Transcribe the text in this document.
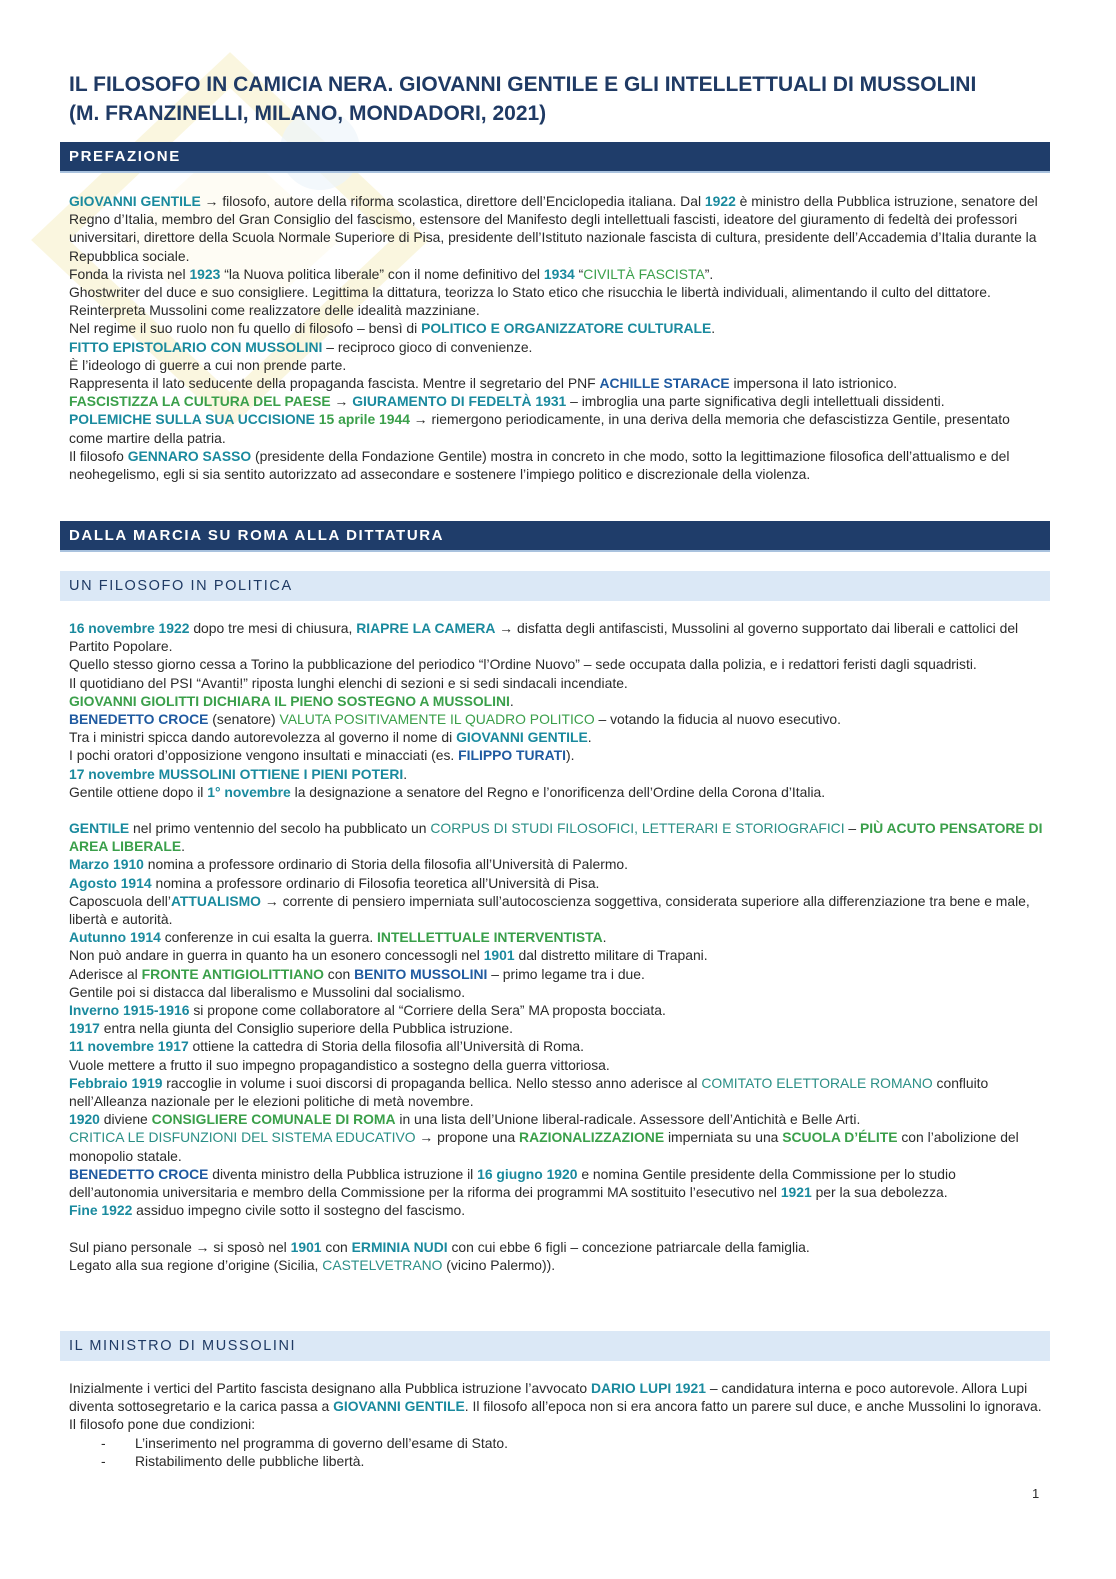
IL FILOSOFO IN CAMICIA NERA. GIOVANNI GENTILE E GLI INTELLETTUALI DI MUSSOLINI
(M. FRANZINELLI, MILANO, MONDADORI, 2021)
PREFAZIONE

GIOVANNI GENTILE → filosofo, autore della riforma scolastica, direttore dell’Enciclopedia italiana. Dal 1922 è ministro della Pubblica istruzione, senatore del Regno d’Italia, membro del Gran Consiglio del fascismo, estensore del Manifesto degli intellettuali fascisti, ideatore del giuramento di fedeltà dei professori universitari, direttore della Scuola Normale Superiore di Pisa, presidente dell’Istituto nazionale fascista di cultura, presidente dell’Accademia d’Italia durante la Repubblica sociale.

Fonda la rivista nel 1923 “la Nuova politica liberale” con il nome definitivo del 1934 “CIVILTÀ FASCISTA”.

Ghostwriter del duce e suo consigliere. Legittima la dittatura, teorizza lo Stato etico che risucchia le libertà individuali, alimentando il culto del dittatore. Reinterpreta Mussolini come realizzatore delle idealità mazziniane.

Nel regime il suo ruolo non fu quello di filosofo – bensì di POLITICO E ORGANIZZATORE CULTURALE.

FITTO EPISTOLARIO CON MUSSOLINI – reciproco gioco di convenienze.

È l’ideologo di guerre a cui non prende parte.

Rappresenta il lato seducente della propaganda fascista. Mentre il segretario del PNF ACHILLE STARACE impersona il lato istrionico.

FASCISTIZZA LA CULTURA DEL PAESE → GIURAMENTO DI FEDELTÀ 1931 – imbroglia una parte significativa degli intellettuali dissidenti.

POLEMICHE SULLA SUA UCCISIONE 15 aprile 1944 → riemergono periodicamente, in una deriva della memoria che defascistizza Gentile, presentato come martire della patria.

Il filosofo GENNARO SASSO (presidente della Fondazione Gentile) mostra in concreto in che modo, sotto la legittimazione filosofica dell’attualismo e del neohegelismo, egli si sia sentito autorizzato ad assecondare e sostenere l’impiego politico e discrezionale della violenza.

DALLA MARCIA SU ROMA ALLA DITTATURA
UN FILOSOFO IN POLITICA

16 novembre 1922 dopo tre mesi di chiusura, RIAPRE LA CAMERA → disfatta degli antifascisti, Mussolini al governo supportato dai liberali e cattolici del Partito Popolare.

Quello stesso giorno cessa a Torino la pubblicazione del periodico “l’Ordine Nuovo” – sede occupata dalla polizia, e i redattori feristi dagli squadristi.

Il quotidiano del PSI “Avanti!” riposta lunghi elenchi di sezioni e si sedi sindacali incendiate.

GIOVANNI GIOLITTI DICHIARA IL PIENO SOSTEGNO A MUSSOLINI.

BENEDETTO CROCE (senatore) VALUTA POSITIVAMENTE IL QUADRO POLITICO – votando la fiducia al nuovo esecutivo.

Tra i ministri spicca dando autorevolezza al governo il nome di GIOVANNI GENTILE.

I pochi oratori d’opposizione vengono insultati e minacciati (es. FILIPPO TURATI).

17 novembre MUSSOLINI OTTIENE I PIENI POTERI.

Gentile ottiene dopo il 1° novembre la designazione a senatore del Regno e l’onorificenza dell’Ordine della Corona d’Italia.

GENTILE nel primo ventennio del secolo ha pubblicato un CORPUS DI STUDI FILOSOFICI, LETTERARI E STORIOGRAFICI – PIÙ ACUTO PENSATORE DI AREA LIBERALE.

Marzo 1910 nomina a professore ordinario di Storia della filosofia all’Università di Palermo.

Agosto 1914 nomina a professore ordinario di Filosofia teoretica all’Università di Pisa.

Caposcuola dell’ATTUALISMO → corrente di pensiero imperniata sull’autocoscienza soggettiva, considerata superiore alla differenziazione tra bene e male, libertà e autorità.

Autunno 1914 conferenze in cui esalta la guerra. INTELLETTUALE INTERVENTISTA.

Non può andare in guerra in quanto ha un esonero concessogli nel 1901 dal distretto militare di Trapani.

Aderisce al FRONTE ANTIGIOLITTIANO con BENITO MUSSOLINI – primo legame tra i due.

Gentile poi si distacca dal liberalismo e Mussolini dal socialismo.

Inverno 1915-1916 si propone come collaboratore al “Corriere della Sera” MA proposta bocciata.

1917 entra nella giunta del Consiglio superiore della Pubblica istruzione.

11 novembre 1917 ottiene la cattedra di Storia della filosofia all’Università di Roma.

Vuole mettere a frutto il suo impegno propagandistico a sostegno della guerra vittoriosa.

Febbraio 1919 raccoglie in volume i suoi discorsi di propaganda bellica. Nello stesso anno aderisce al COMITATO ELETTORALE ROMANO confluito nell’Alleanza nazionale per le elezioni politiche di metà novembre.

1920 diviene CONSIGLIERE COMUNALE DI ROMA in una lista dell’Unione liberal-radicale. Assessore dell’Antichità e Belle Arti.

CRITICA LE DISFUNZIONI DEL SISTEMA EDUCATIVO → propone una RAZIONALIZZAZIONE imperniata su una SCUOLA D’ÉLITE con l’abolizione del monopolio statale.

BENEDETTO CROCE diventa ministro della Pubblica istruzione il 16 giugno 1920 e nomina Gentile presidente della Commissione per lo studio dell’autonomia universitaria e membro della Commissione per la riforma dei programmi MA sostituito l’esecutivo nel 1921 per la sua debolezza.

Fine 1922 assiduo impegno civile sotto il sostegno del fascismo.

Sul piano personale → si sposò nel 1901 con ERMINIA NUDI con cui ebbe 6 figli – concezione patriarcale della famiglia.

Legato alla sua regione d’origine (Sicilia, CASTELVETRANO (vicino Palermo)).

IL MINISTRO DI MUSSOLINI

Inizialmente i vertici del Partito fascista designano alla Pubblica istruzione l’avvocato DARIO LUPI 1921 – candidatura interna e poco autorevole. Allora Lupi diventa sottosegretario e la carica passa a GIOVANNI GENTILE. Il filosofo all’epoca non si era ancora fatto un parere sul duce, e anche Mussolini lo ignorava. Il filosofo pone due condizioni:

- L’inserimento nel programma di governo dell’esame di Stato.
- Ristabilimento delle pubbliche libertà.
1
